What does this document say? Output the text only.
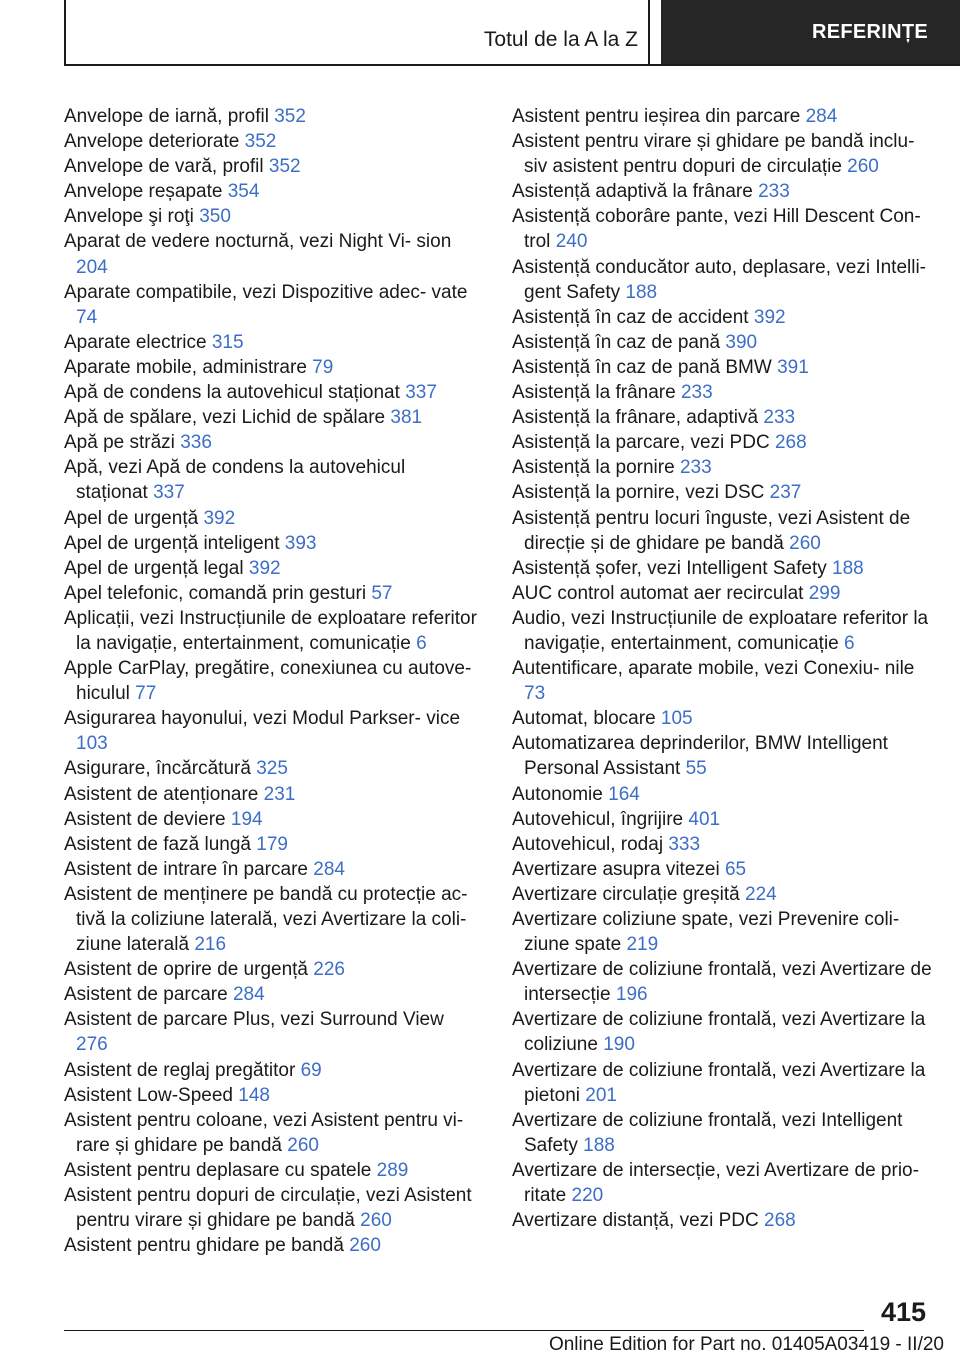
Totul de la A la Z	REFERINȚE

Anvelope de iarnă, profil 352

Anvelope deteriorate 352

Anvelope de vară, profil 352

Anvelope reșapate 354

Anvelope şi roţi 350

Aparat de vedere nocturnă, vezi Night Vi‐ sion 204

Aparate compatibile, vezi Dispozitive adec‐ vate 74

Aparate electrice 315

Aparate mobile, administrare 79

Apă de condens la autovehicul staționat 337

Apă de spălare, vezi Lichid de spălare 381

Apă pe străzi 336

Apă, vezi Apă de condens la autovehicul staționat 337

Apel de urgență 392

Apel de urgență inteligent 393

Apel de urgență legal 392

Apel telefonic, comandă prin gesturi 57

Aplicații, vezi Instrucțiunile de exploatare referitor la navigație, entertainment, comunicație 6

Apple CarPlay, pregătire, conexiunea cu autove‐ hiculul 77

Asigurarea hayonului, vezi Modul Parkser‐ vice 103

Asigurare, încărcătură 325

Asistent de atenționare 231

Asistent de deviere 194

Asistent de fază lungă 179

Asistent de intrare în parcare 284

Asistent de menținere pe bandă cu protecție ac‐ tivă la coliziune laterală, vezi Avertizare la coli‐ ziune laterală 216

Asistent de oprire de urgență 226

Asistent de parcare 284

Asistent de parcare Plus, vezi Surround View 276

Asistent de reglaj pregătitor 69

Asistent Low-Speed 148

Asistent pentru coloane, vezi Asistent pentru vi‐ rare și ghidare pe bandă 260

Asistent pentru deplasare cu spatele 289

Asistent pentru dopuri de circulație, vezi Asistent pentru virare și ghidare pe bandă 260

Asistent pentru ghidare pe bandă 260

Asistent pentru ieșirea din parcare 284

Asistent pentru virare și ghidare pe bandă inclu‐ siv asistent pentru dopuri de circulație 260

Asistență adaptivă la frânare 233

Asistență coborâre pante, vezi Hill Descent Con‐ trol 240

Asistență conducător auto, deplasare, vezi Intelli‐ gent Safety 188

Asistență în caz de accident 392

Asistență în caz de pană 390

Asistență în caz de pană BMW 391

Asistență la frânare 233

Asistență la frânare, adaptivă 233

Asistență la parcare, vezi PDC 268

Asistență la pornire 233

Asistență la pornire, vezi DSC 237

Asistență pentru locuri înguste, vezi Asistent de direcție și de ghidare pe bandă 260

Asistență șofer, vezi Intelligent Safety 188

AUC control automat aer recirculat 299

Audio, vezi Instrucțiunile de exploatare referitor la navigație, entertainment, comunicație 6

Autentificare, aparate mobile, vezi Conexiu‐ nile 73

Automat, blocare 105

Automatizarea deprinderilor, BMW Intelligent Personal Assistant 55

Autonomie 164

Autovehicul, îngrijire 401

Autovehicul, rodaj 333

Avertizare asupra vitezei 65

Avertizare circulație greșită 224

Avertizare coliziune spate, vezi Prevenire coli‐ ziune spate 219

Avertizare de coliziune frontală, vezi Avertizare de intersecție 196

Avertizare de coliziune frontală, vezi Avertizare la coliziune 190

Avertizare de coliziune frontală, vezi Avertizare la pietoni 201

Avertizare de coliziune frontală, vezi Intelligent Safety 188

Avertizare de intersecție, vezi Avertizare de prio‐ ritate 220

Avertizare distanță, vezi PDC 268

415
Online Edition for Part no. 01405A03419 - II/20
